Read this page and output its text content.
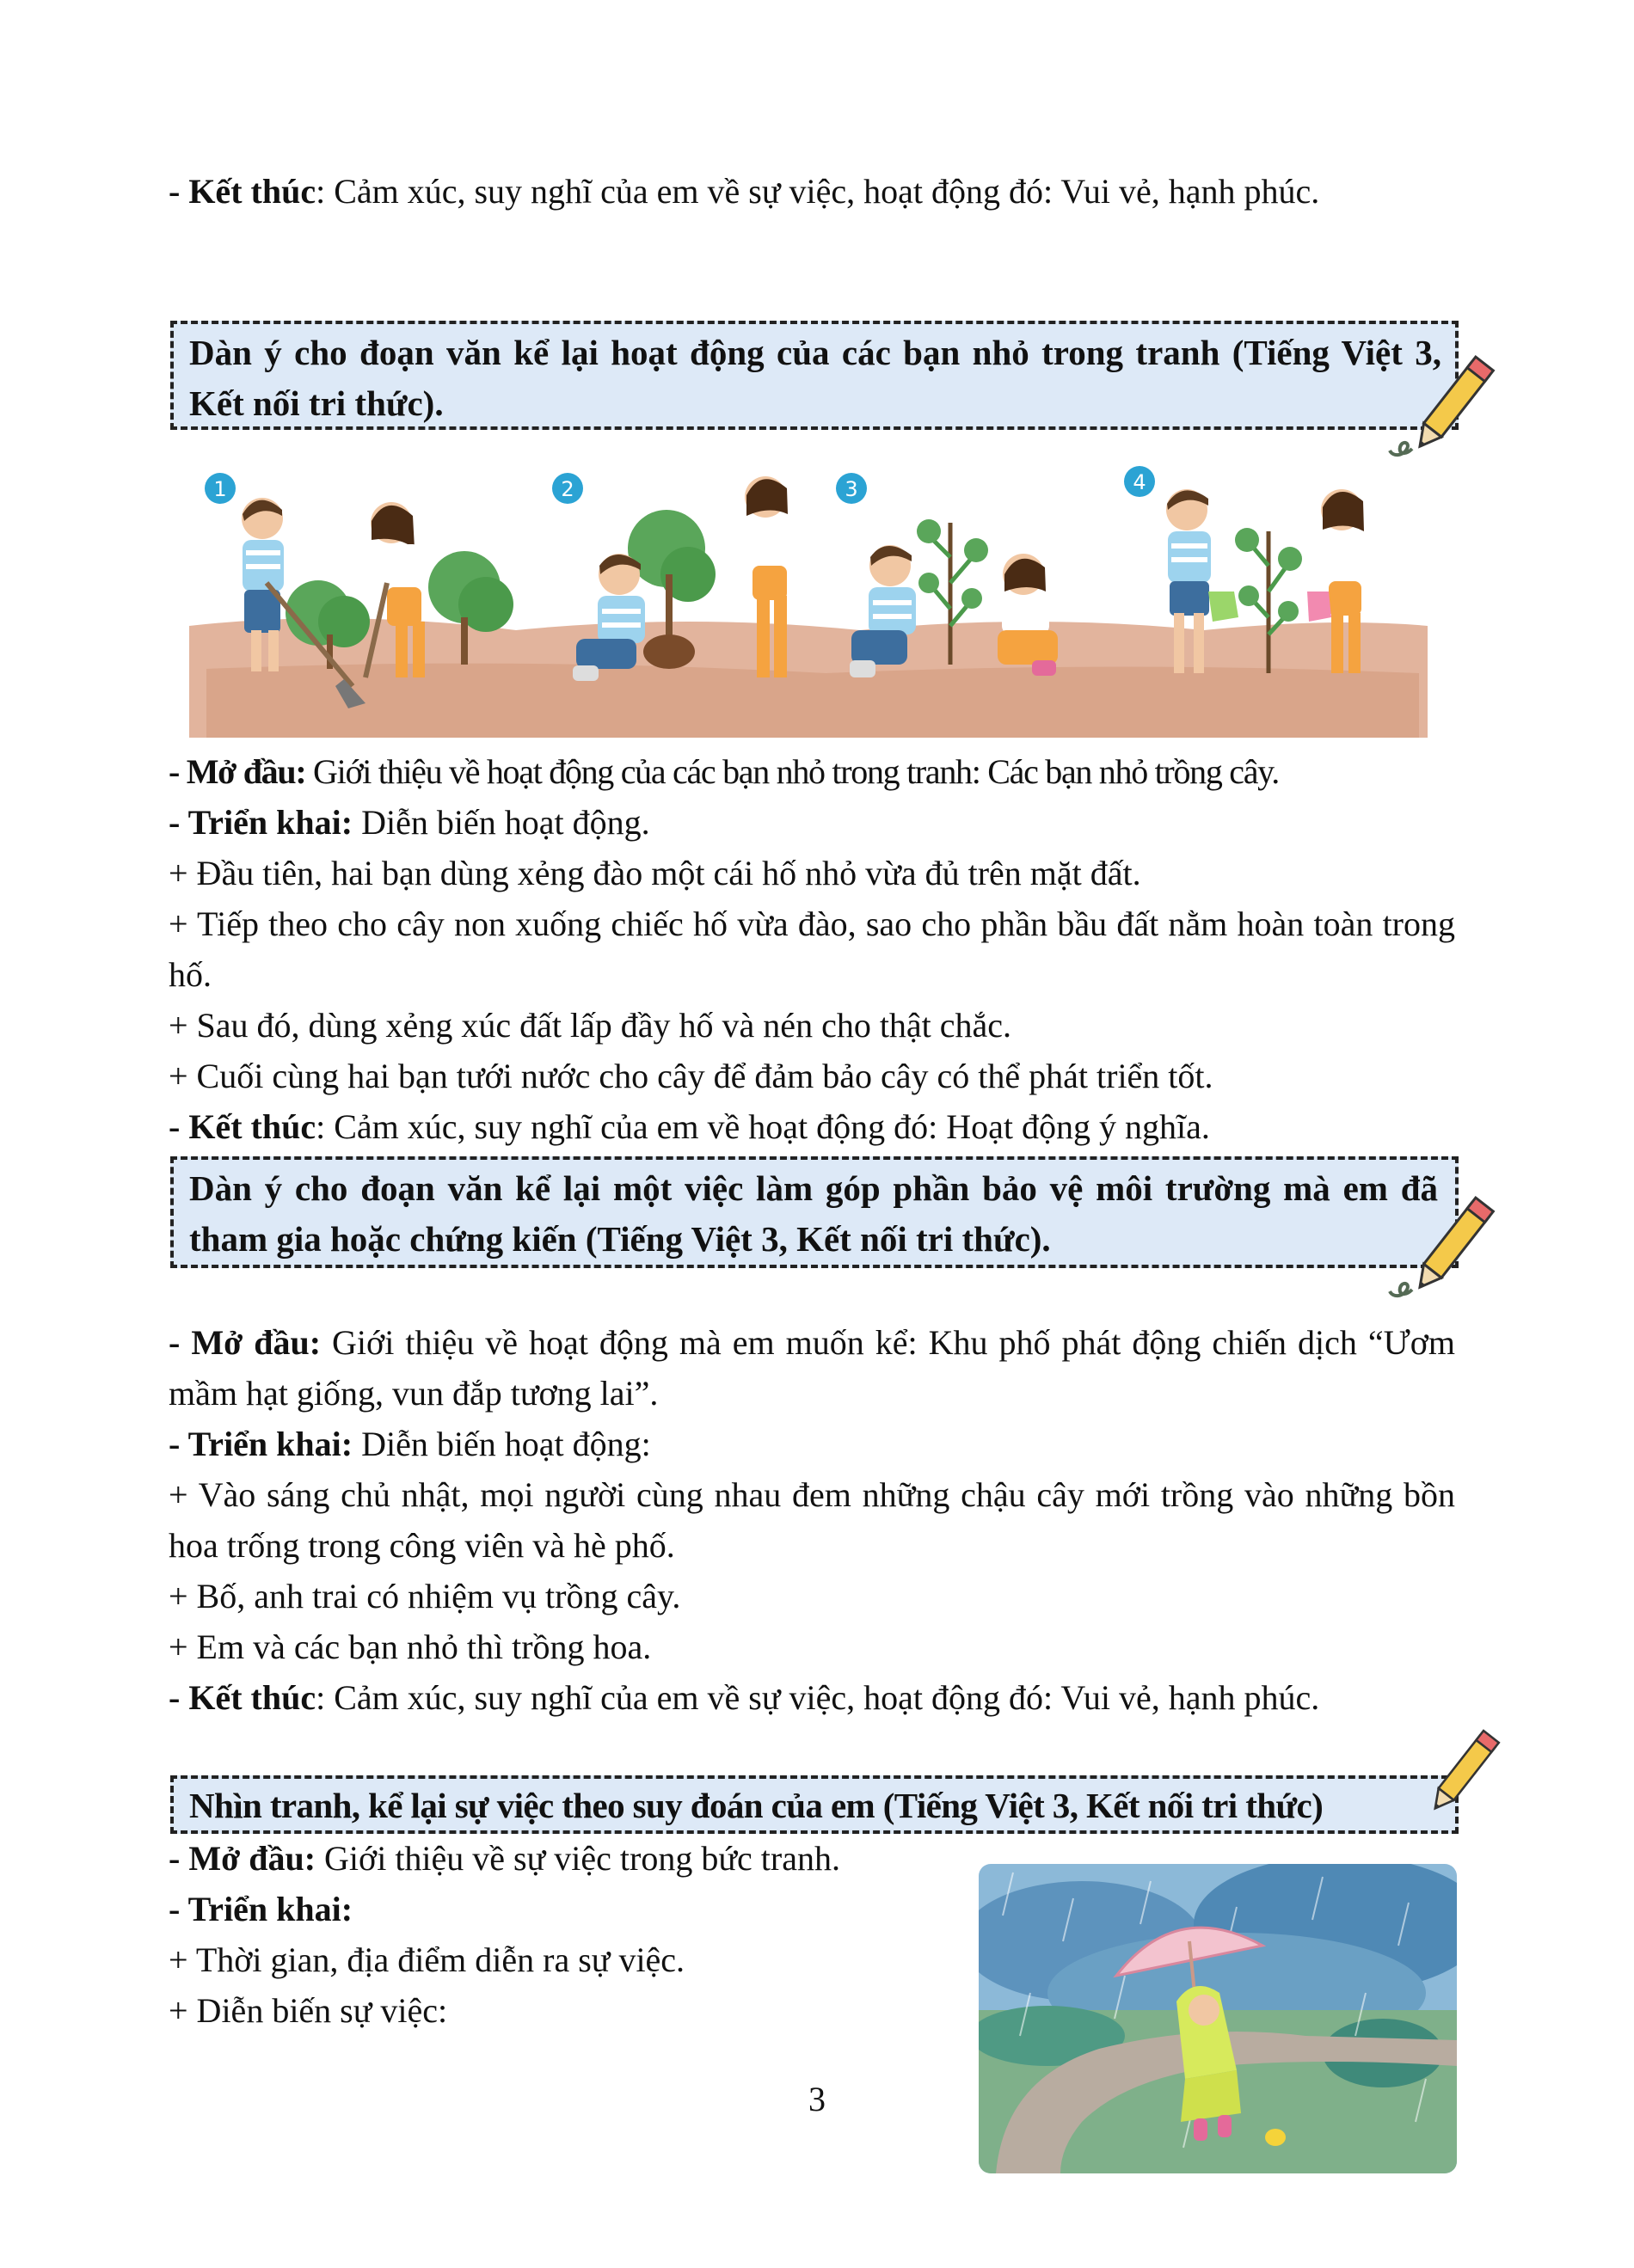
- Kết thúc: Cảm xúc, suy nghĩ của em về sự việc, hoạt động đó: Vui vẻ, hạnh phúc.

Dàn ý cho đoạn văn kể lại hoạt động của các bạn nhỏ trong tranh (Tiếng Việt 3, Kết nối tri thức).
1	2	3	4

- Mở đầu: Giới thiệu về hoạt động của các bạn nhỏ trong tranh: Các bạn nhỏ trồng cây.

- Triển khai: Diễn biến hoạt động.

+ Đầu tiên, hai bạn dùng xẻng đào một cái hố nhỏ vừa đủ trên mặt đất.

+ Tiếp theo cho cây non xuống chiếc hố vừa đào, sao cho phần bầu đất nằm hoàn toàn trong hố.

+ Sau đó, dùng xẻng xúc đất lấp đầy hố và nén cho thật chắc.

+ Cuối cùng hai bạn tưới nước cho cây để đảm bảo cây có thể phát triển tốt.

- Kết thúc: Cảm xúc, suy nghĩ của em về hoạt động đó: Hoạt động ý nghĩa.

Dàn ý cho đoạn văn kể lại một việc làm góp phần bảo vệ môi trường mà em đã tham gia hoặc chứng kiến (Tiếng Việt 3, Kết nối tri thức).

- Mở đầu: Giới thiệu về hoạt động mà em muốn kể: Khu phố phát động chiến dịch “Ươm mầm hạt giống, vun đắp tương lai”.

- Triển khai: Diễn biến hoạt động:

+ Vào sáng chủ nhật, mọi người cùng nhau đem những chậu cây mới trồng vào những bồn hoa trống trong công viên và hè phố.

+ Bố, anh trai có nhiệm vụ trồng cây.

+ Em và các bạn nhỏ thì trồng hoa.

- Kết thúc: Cảm xúc, suy nghĩ của em về sự việc, hoạt động đó: Vui vẻ, hạnh phúc.

Nhìn tranh, kể lại sự việc theo suy đoán của em (Tiếng Việt 3, Kết nối tri thức)

- Mở đầu: Giới thiệu về sự việc trong bức tranh.

- Triển khai:

+ Thời gian, địa điểm diễn ra sự việc.

+ Diễn biến sự việc:

3
